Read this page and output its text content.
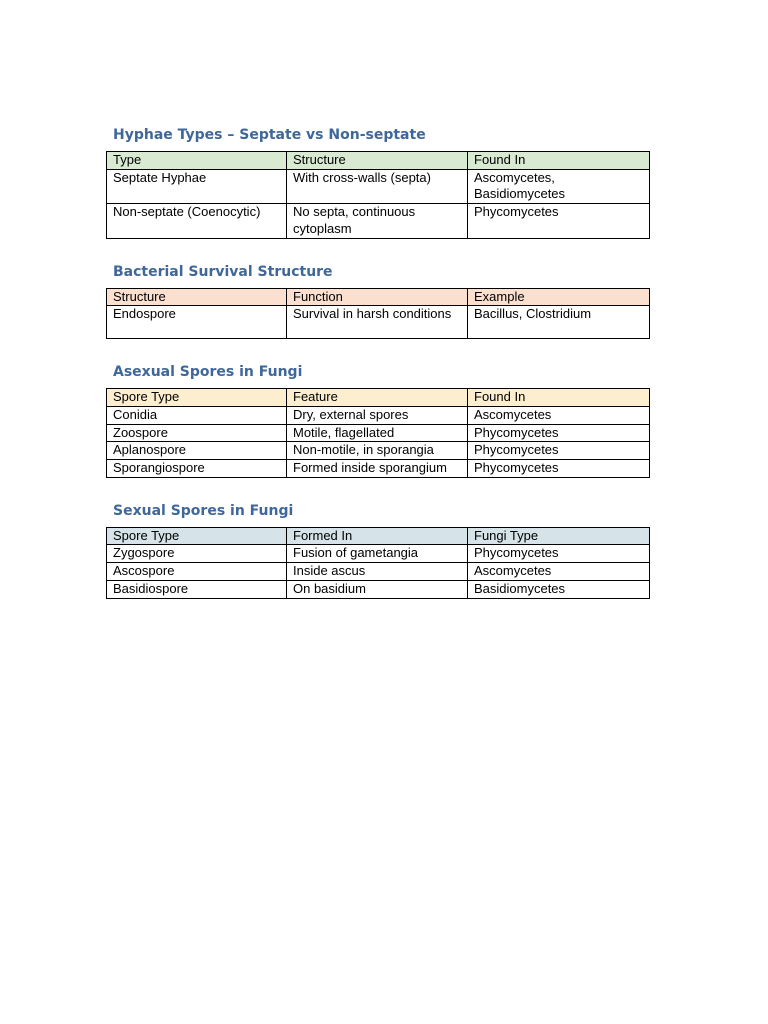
Hyphae Types – Septate vs Non-septate
Type	Structure	Found In
Septate Hyphae	With cross-walls (septa)	Ascomycetes, Basidiomycetes
Non-septate (Coenocytic)	No septa, continuous cytoplasm	Phycomycetes
Bacterial Survival Structure
Structure	Function	Example
Endospore	Survival in harsh conditions	Bacillus, Clostridium
Asexual Spores in Fungi
Spore Type	Feature	Found In
Conidia	Dry, external spores	Ascomycetes
Zoospore	Motile, flagellated	Phycomycetes
Aplanospore	Non-motile, in sporangia	Phycomycetes
Sporangiospore	Formed inside sporangium	Phycomycetes
Sexual Spores in Fungi
Spore Type	Formed In	Fungi Type
Zygospore	Fusion of gametangia	Phycomycetes
Ascospore	Inside ascus	Ascomycetes
Basidiospore	On basidium	Basidiomycetes
